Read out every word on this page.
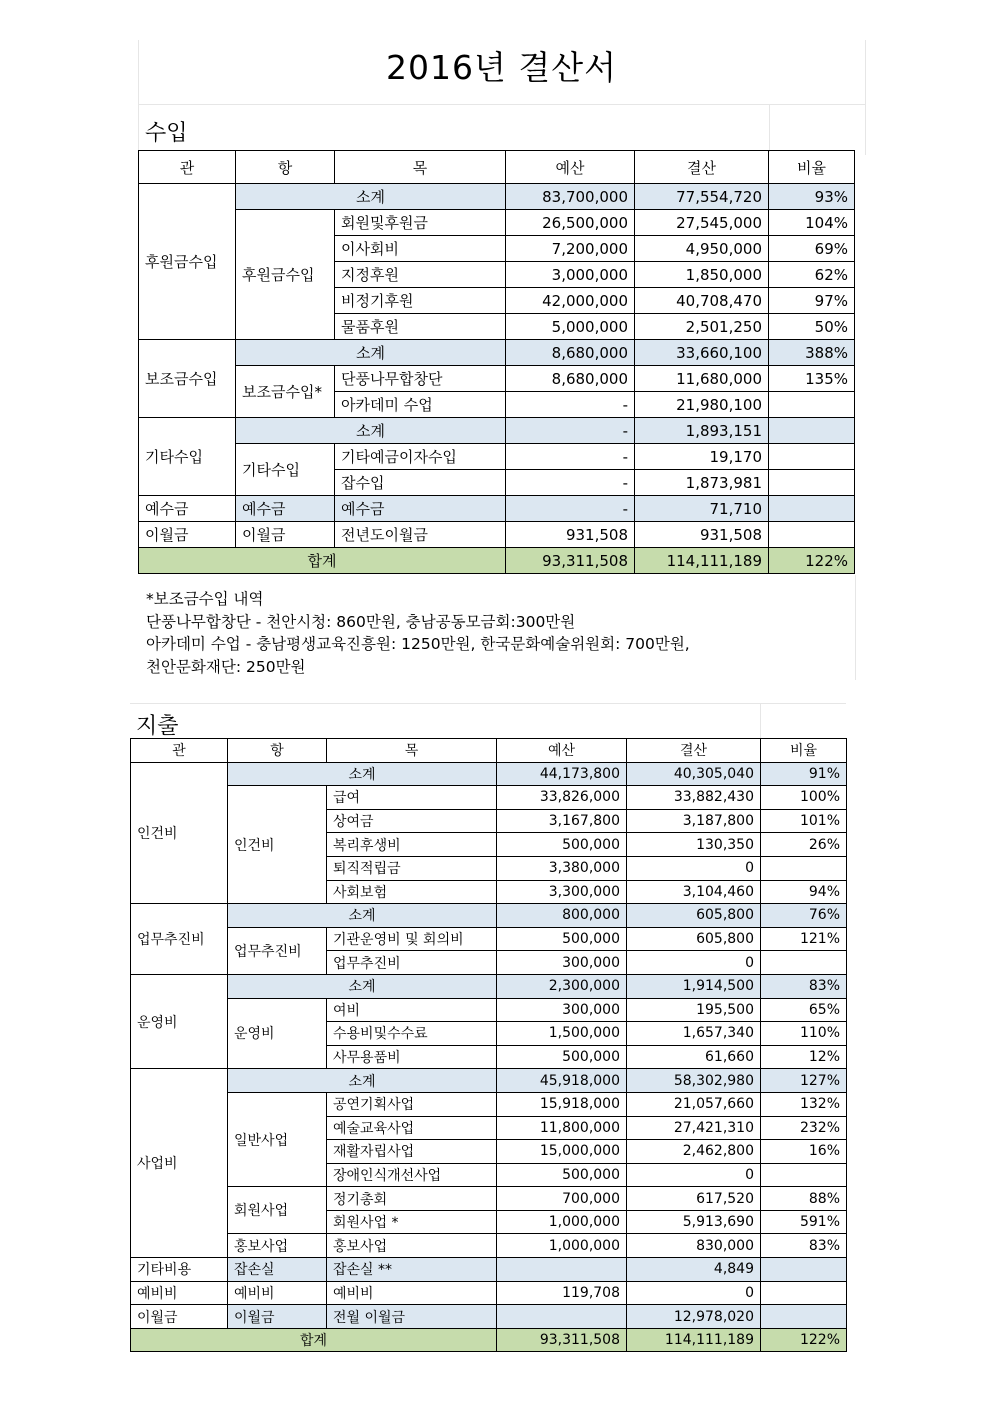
2016년 결산서
수입
지출
관	항	목	예산	결산	비율
후원금수입	소계		83,700,000	77,554,720	93%
	후원금수입	회원및후원금	26,500,000	27,545,000	104%
		이사회비	7,200,000	4,950,000	69%
		지정후원	3,000,000	1,850,000	62%
		비정기후원	42,000,000	40,708,470	97%
		물품후원	5,000,000	2,501,250	50%
보조금수입	소계		8,680,000	33,660,100	388%
	보조금수입*	단풍나무합창단	8,680,000	11,680,000	135%
		아카데미 수업	-	21,980,100	
기타수입	소계		-	1,893,151	
	기타수입	기타예금이자수입	-	19,170	
		잡수입	-	1,873,981	
예수금	예수금	예수금	-	71,710	
이월금	이월금	전년도이월금	931,508	931,508	
합계			93,311,508	114,111,189	122%
*보조금수입 내역
단풍나무합창단 - 천안시청: 860만원, 충남공동모금회:300만원
아카데미 수업 - 충남평생교육진흥원: 1250만원, 한국문화예술위원회: 700만원,
천안문화재단: 250만원
관	항	목	예산	결산	비율
인건비	소계		44,173,800	40,305,040	91%
	인건비	급여	33,826,000	33,882,430	100%
		상여금	3,167,800	3,187,800	101%
		복리후생비	500,000	130,350	26%
		퇴직적립금	3,380,000	0	
		사회보험	3,300,000	3,104,460	94%
업무추진비	소계		800,000	605,800	76%
	업무추진비	기관운영비 및 회의비	500,000	605,800	121%
		업무추진비	300,000	0	
운영비	소계		2,300,000	1,914,500	83%
	운영비	여비	300,000	195,500	65%
		수용비및수수료	1,500,000	1,657,340	110%
		사무용품비	500,000	61,660	12%
사업비	소계		45,918,000	58,302,980	127%
	일반사업	공연기획사업	15,918,000	21,057,660	132%
		예술교육사업	11,800,000	27,421,310	232%
		재활자립사업	15,000,000	2,462,800	16%
		장애인식개선사업	500,000	0	
	회원사업	정기총회	700,000	617,520	88%
		회원사업 *	1,000,000	5,913,690	591%
	홍보사업	홍보사업	1,000,000	830,000	83%
기타비용	잡손실	잡손실 **		4,849	
예비비	예비비	예비비	119,708	0	
이월금	이월금	전월 이월금		12,978,020	
합계			93,311,508	114,111,189	122%
